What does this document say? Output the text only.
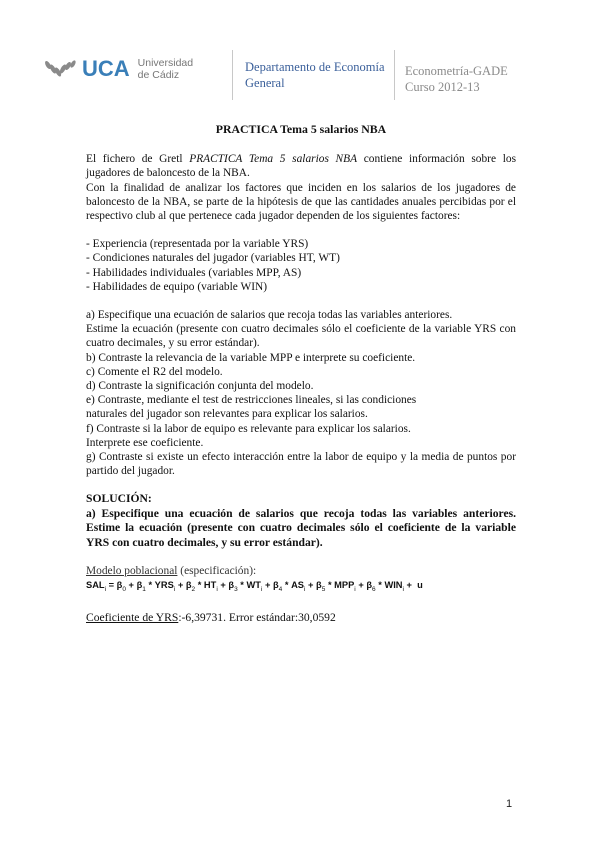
UCA Universidad
de Cádiz
Departamento de Economía
General
Econometría-GADE
Curso 2012-13
PRACTICA Tema 5 salarios NBA

El fichero de Gretl PRACTICA Tema 5 salarios NBA contiene información sobre los jugadores de baloncesto de la NBA.

Con la finalidad de analizar los factores que inciden en los salarios de los jugadores de baloncesto de la NBA, se parte de la hipótesis de que las cantidades anuales percibidas por el respectivo club al que pertenece cada jugador dependen de los siguientes factores:

- Experiencia (representada por la variable YRS)

- Condiciones naturales del jugador (variables HT, WT)

- Habilidades individuales (variables MPP, AS)

- Habilidades de equipo (variable WIN)

a) Especifique una ecuación de salarios que recoja todas las variables anteriores.

Estime la ecuación (presente con cuatro decimales sólo el coeficiente de la variable YRS con cuatro decimales, y su error estándar).

b) Contraste la relevancia de la variable MPP e interprete su coeficiente.

c) Comente el R2 del modelo.

d) Contraste la significación conjunta del modelo.

e) Contraste, mediante el test de restricciones lineales, si las condiciones

naturales del jugador son relevantes para explicar los salarios.

f) Contraste si la labor de equipo es relevante para explicar los salarios.

Interprete ese coeficiente.

g) Contraste si existe un efecto interacción entre la labor de equipo y la media de puntos por partido del jugador.

SOLUCIÓN:

a) Especifique una ecuación de salarios que recoja todas las variables anteriores. Estime la ecuación (presente con cuatro decimales sólo el coeficiente de la variable YRS con cuatro decimales, y su error estándar).

Modelo poblacional (especificación):

$SAL_i = \beta_0 + \beta_1 * YRS_i + \beta_2 * HT_i + \beta_3 * WT_i + \beta_4 * AS_i + \beta_5 * MPP_i + \beta_6 * WIN_i + u$

Coeficiente de YRS:-6,39731. Error estándar:30,0592

1
